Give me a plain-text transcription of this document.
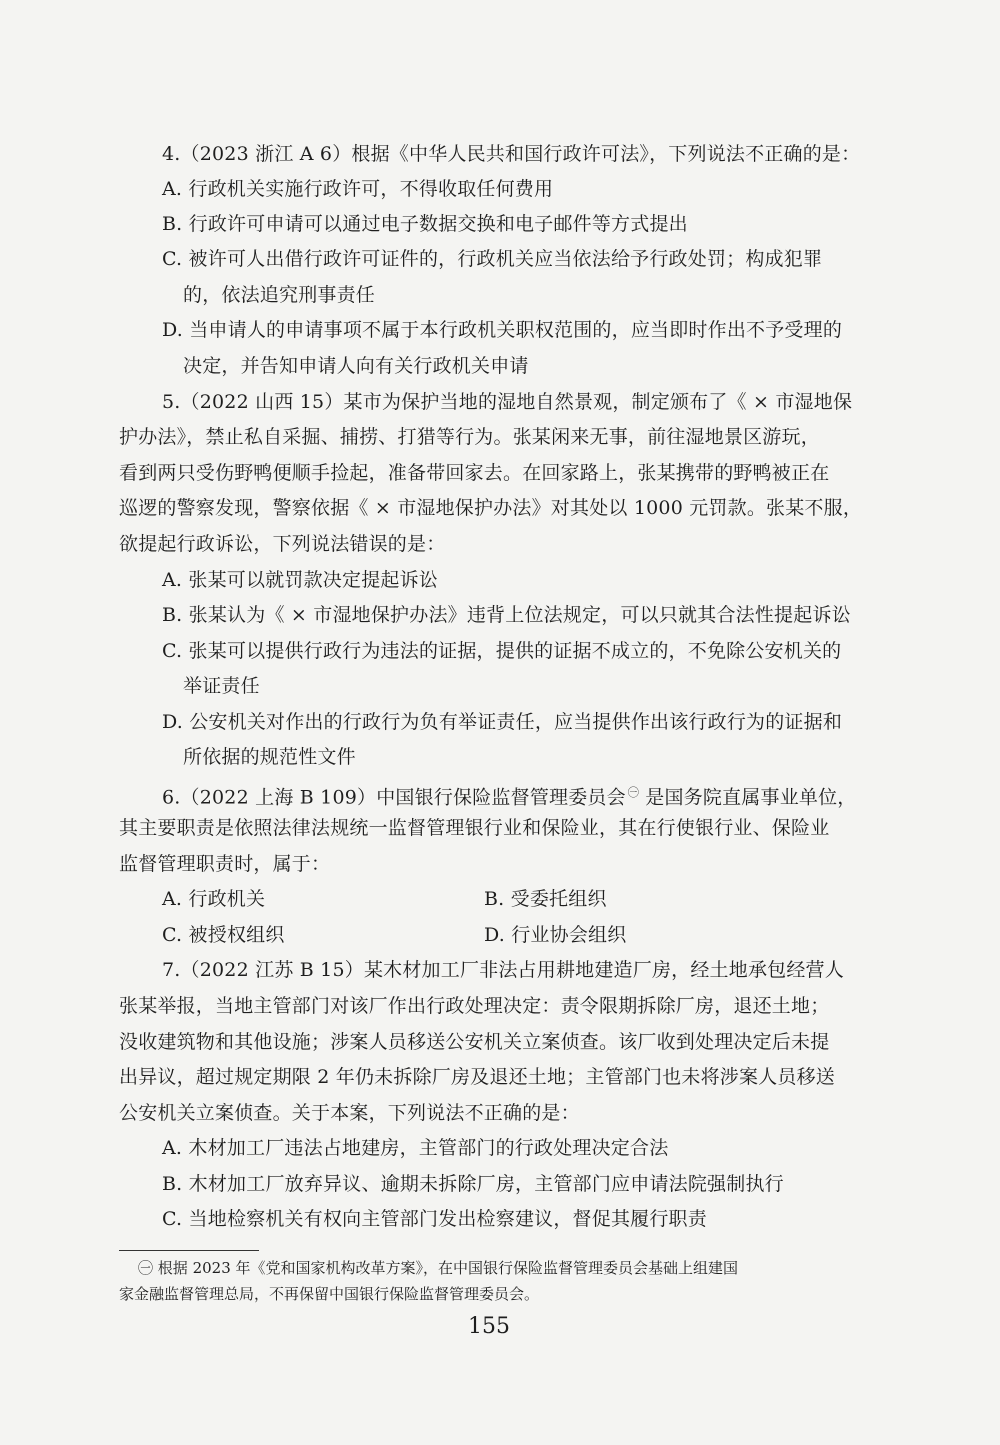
4.（2023 浙江 A 6）根据《中华人民共和国行政许可法》，下列说法不正确的是：
A. 行政机关实施行政许可，不得收取任何费用
B. 行政许可申请可以通过电子数据交换和电子邮件等方式提出
C. 被许可人出借行政许可证件的，行政机关应当依法给予行政处罚；构成犯罪
的，依法追究刑事责任
D. 当申请人的申请事项不属于本行政机关职权范围的，应当即时作出不予受理的
决定，并告知申请人向有关行政机关申请
5.（2022 山西 15）某市为保护当地的湿地自然景观，制定颁布了《 × 市湿地保
护办法》，禁止私自采掘、捕捞、打猎等行为。张某闲来无事，前往湿地景区游玩，
看到两只受伤野鸭便顺手捡起，准备带回家去。在回家路上，张某携带的野鸭被正在
巡逻的警察发现，警察依据《 × 市湿地保护办法》对其处以 1000 元罚款。张某不服，
欲提起行政诉讼，下列说法错误的是：
A. 张某可以就罚款决定提起诉讼
B. 张某认为《 × 市湿地保护办法》违背上位法规定，可以只就其合法性提起诉讼
C. 张某可以提供行政行为违法的证据，提供的证据不成立的，不免除公安机关的
举证责任
D. 公安机关对作出的行政行为负有举证责任，应当提供作出该行政行为的证据和
所依据的规范性文件
6.（2022 上海 B 109）中国银行保险监督管理委员会 $^㊀$ 是国务院直属事业单位，
其主要职责是依照法律法规统一监督管理银行业和保险业，其在行使银行业、保险业
监督管理职责时，属于：
A. 行政机关	B. 受委托组织
C. 被授权组织	D. 行业协会组织
7.（2022 江苏 B 15）某木材加工厂非法占用耕地建造厂房，经土地承包经营人
张某举报，当地主管部门对该厂作出行政处理决定：责令限期拆除厂房，退还土地；
没收建筑物和其他设施；涉案人员移送公安机关立案侦查。该厂收到处理决定后未提
出异议，超过规定期限 2 年仍未拆除厂房及退还土地；主管部门也未将涉案人员移送
公安机关立案侦查。关于本案，下列说法不正确的是：
A. 木材加工厂违法占地建房，主管部门的行政处理决定合法
B. 木材加工厂放弃异议、逾期未拆除厂房，主管部门应申请法院强制执行
C. 当地检察机关有权向主管部门发出检察建议，督促其履行职责
㊀ 根据 2023 年《党和国家机构改革方案》，在中国银行保险监督管理委员会基础上组建国
家金融监督管理总局，不再保留中国银行保险监督管理委员会。
155
